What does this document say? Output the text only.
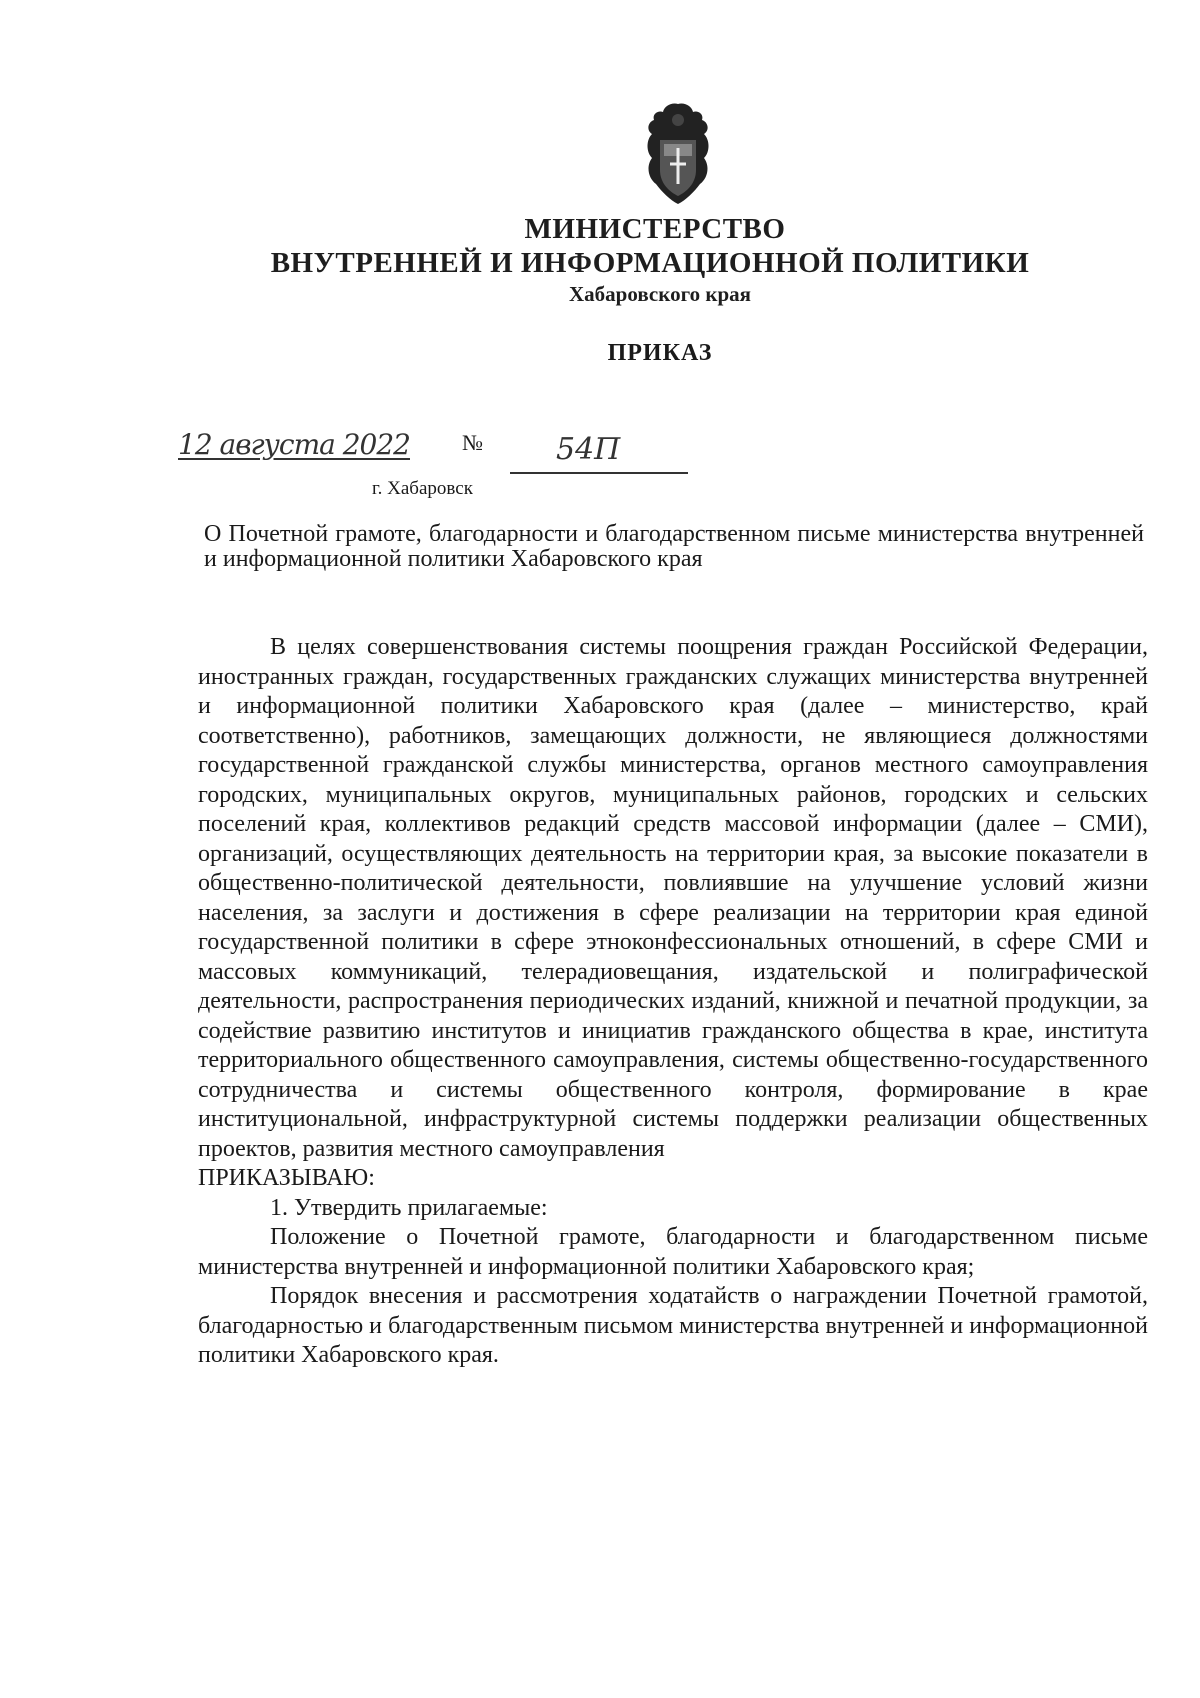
МИНИСТЕРСТВО
ВНУТРЕННЕЙ И ИНФОРМАЦИОННОЙ ПОЛИТИКИ
Хабаровского края
ПРИКАЗ
12 августа 2022 № 54П
г. Хабаровск
О Почетной грамоте, благодарности и благодарственном письме министерства внутренней и информационной политики Хабаровского края

В целях совершенствования системы поощрения граждан Российской Федерации, иностранных граждан, государственных гражданских служащих министерства внутренней и информационной политики Хабаровского края (далее – министерство, край соответственно), работников, замещающих должности, не являющиеся должностями государственной гражданской службы министерства, органов местного самоуправления городских, муниципальных округов, муниципальных районов, городских и сельских поселений края, коллективов редакций средств массовой информации (далее – СМИ), организаций, осуществляющих деятельность на территории края, за высокие показатели в общественно-политической деятельности, повлиявшие на улучшение условий жизни населения, за заслуги и достижения в сфере реализации на территории края единой государственной политики в сфере этноконфессиональных отношений, в сфере СМИ и массовых коммуникаций, телерадиовещания, издательской и полиграфической деятельности, распространения периодических изданий, книжной и печатной продукции, за содействие развитию институтов и инициатив гражданского общества в крае, института территориального общественного самоуправления, системы общественно-государственного сотрудничества и системы общественного контроля, формирование в крае институциональной, инфраструктурной системы поддержки реализации общественных проектов, развития местного самоуправления

ПРИКАЗЫВАЮ:

1. Утвердить прилагаемые:

Положение о Почетной грамоте, благодарности и благодарственном письме министерства внутренней и информационной политики Хабаровского края;

Порядок внесения и рассмотрения ходатайств о награждении Почетной грамотой, благодарностью и благодарственным письмом министерства внутренней и информационной политики Хабаровского края.
